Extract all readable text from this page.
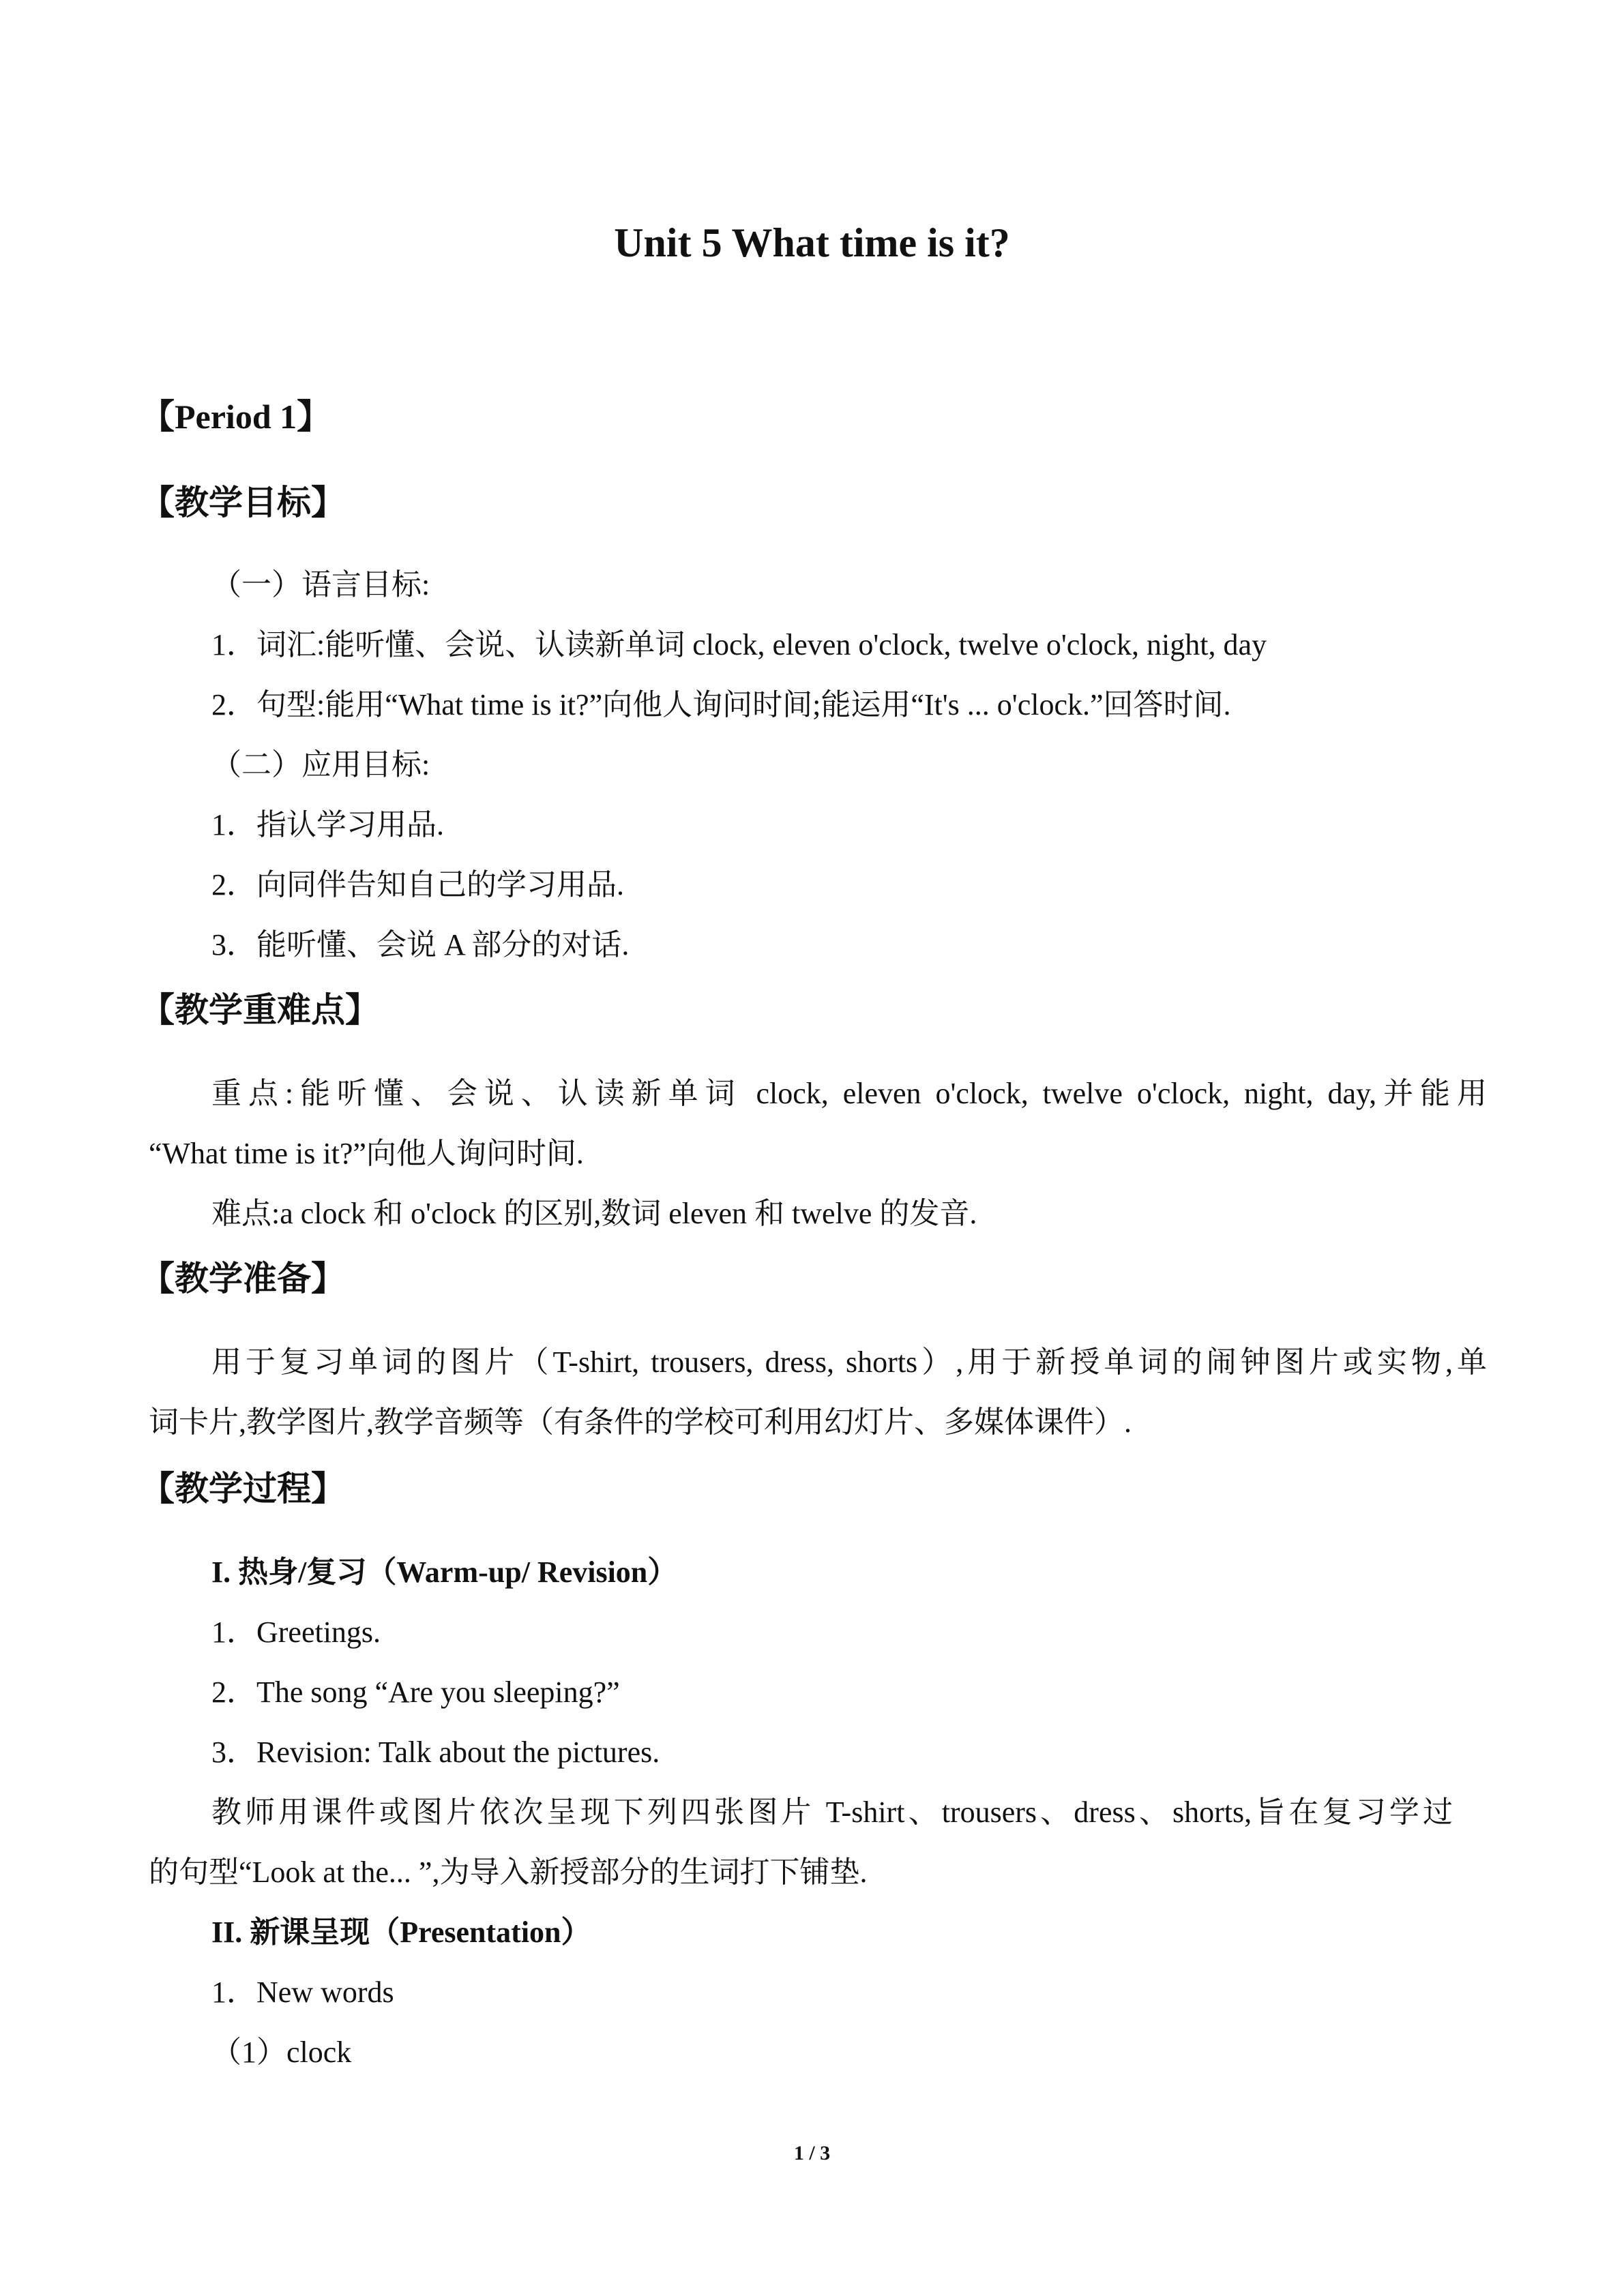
Unit 5 What time is it?
【Period 1】
【教学目标】
（一）语言目标:
1．词汇:能听懂、会说、认读新单词 clock, eleven o'clock, twelve o'clock, night, day
2．句型:能用“What time is it?”向他人询问时间;能运用“It's ... o'clock.”回答时间.
（二）应用目标:
1．指认学习用品.
2．向同伴告知自己的学习用品.
3．能听懂、会说 A 部分的对话.
【教学重难点】
重点:能听懂、会说、认读新单词 clock, eleven o'clock, twelve o'clock, night, day,并能用
“What time is it?”向他人询问时间.
难点:a clock 和 o'clock 的区别,数词 eleven 和 twelve 的发音.
【教学准备】
用于复习单词的图片（T-shirt, trousers, dress, shorts）,用于新授单词的闹钟图片或实物,单
词卡片,教学图片,教学音频等（有条件的学校可利用幻灯片、多媒体课件）.
【教学过程】
I. 热身/复习（Warm-up/ Revision）
1．Greetings.
2．The song “Are you sleeping?”
3．Revision: Talk about the pictures.
教师用课件或图片依次呈现下列四张图片 T-shirt、trousers、dress、shorts,旨在复习学过
的句型“Look at the... ”,为导入新授部分的生词打下铺垫.
II. 新课呈现（Presentation）
1．New words
（1）clock
1 / 3
